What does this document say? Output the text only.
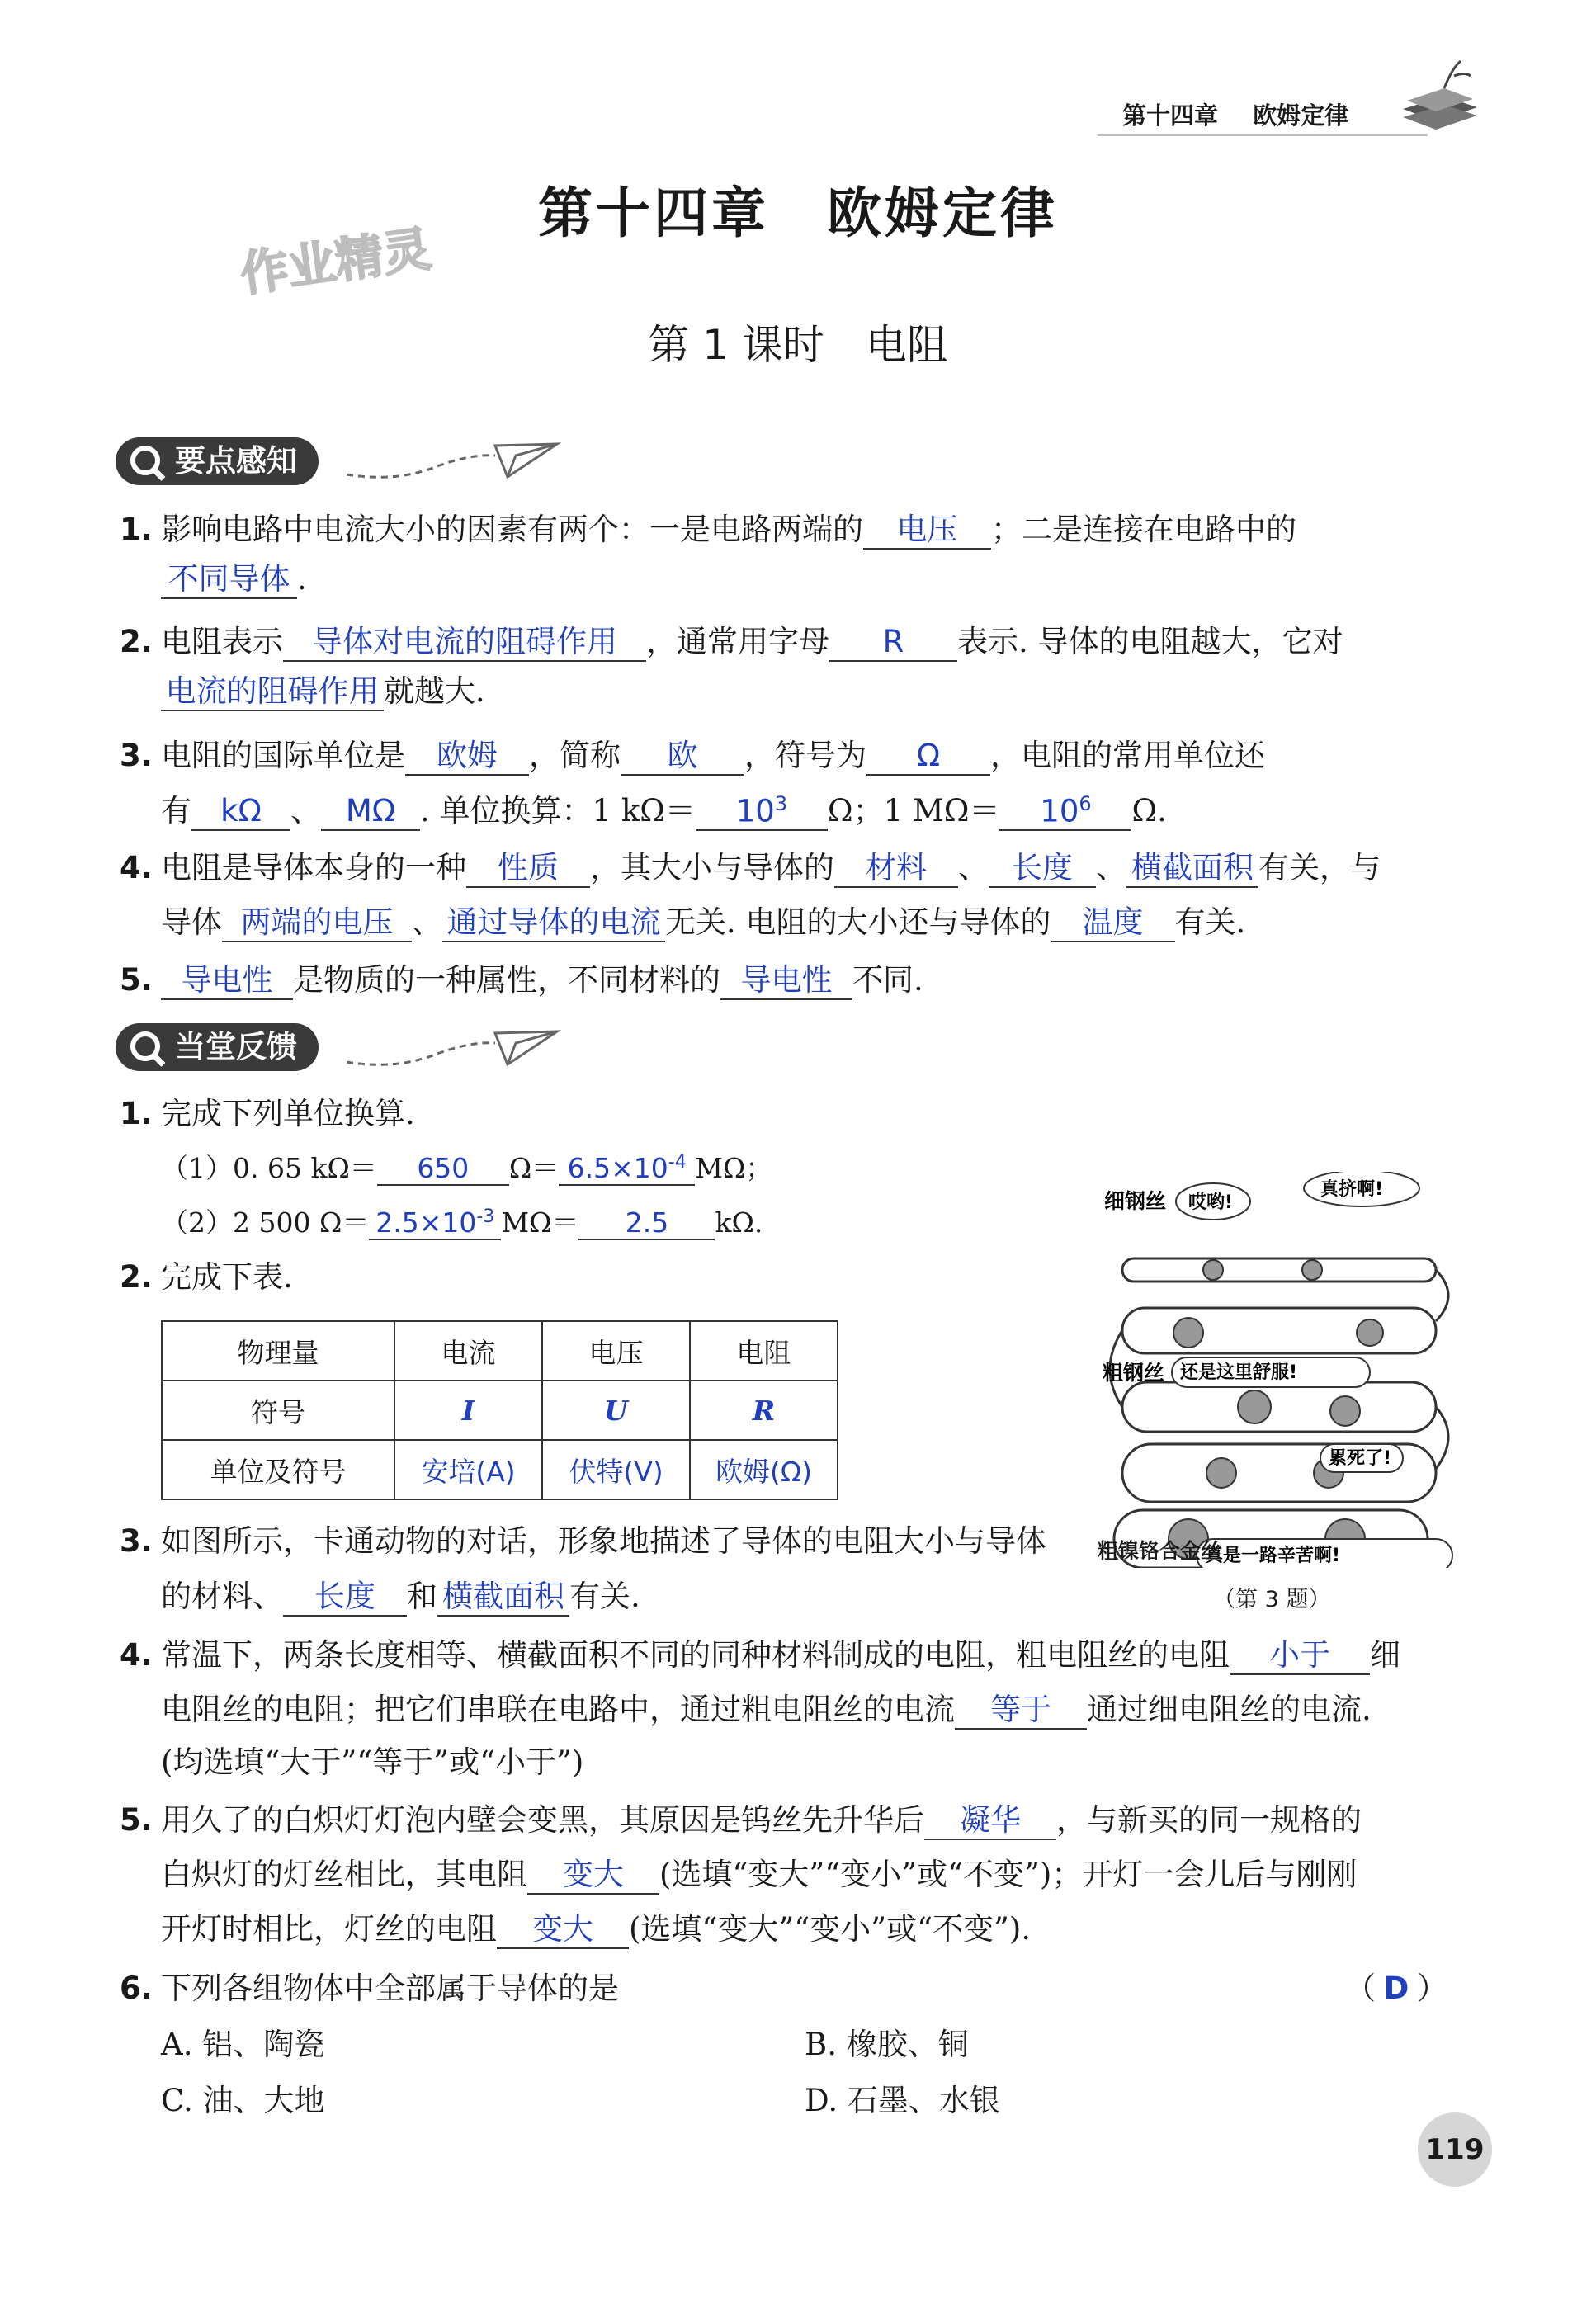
第十四章 欧姆定律
作业精灵
第十四章　欧姆定律
第 1 课时　电阻
要点感知
1. 影响电路中电流大小的因素有两个：一是电路两端的 电压 ；二是连接在电路中的
不同导体 .
2. 电阻表示 导体对电流的阻碍作用 ，通常用字母 R 表示. 导体的电阻越大，它对
电流的阻碍作用 就越大.
3. 电阻的国际单位是 欧姆 ，简称 欧 ，符号为 Ω ，电阻的常用单位还
有 kΩ 、 MΩ . 单位换算：1 $k\Omega= 10^3$ Ω；1 $M\Omega= 10^6$ Ω.
4. 电阻是导体本身的一种 性质 ，其大小与导体的 材料 、 长度 、 横截面积 有关，与
导体 两端的电压 、 通过导体的电流 无关. 电阻的大小还与导体的 温度 有关.
5. 导电性 是物质的一种属性，不同材料的 导电性 不同.
当堂反馈
1. 完成下列单位换算.
（1）0. 65 kΩ＝ 650 $\Omega= 6.5\times 10^{-4}$ MΩ；
（2）2 500 $\Omega= 2.5\times 10^{-3}$ MΩ＝ 2.5 kΩ.
2. 完成下表.
物理量	电流	电压	电阻
符号	I	U	R
单位及符号	安培(A)	伏特(V)	欧姆(Ω)
细钢丝 哎哟!
真挤啊!
粗钢丝 还是这里舒服!
累死了!
真是一路辛苦啊!
粗镍铬合金丝
（第 3 题）
3. 如图所示，卡通动物的对话，形象地描述了导体的电阻大小与导体
的材料、 长度 和 横截面积 有关.
4. 常温下，两条长度相等、横截面积不同的同种材料制成的电阻，粗电阻丝的电阻 小于 细
电阻丝的电阻；把它们串联在电路中，通过粗电阻丝的电流 等于 通过细电阻丝的电流.
(均选填“大于”“等于”或“小于”)
5. 用久了的白炽灯灯泡内壁会变黑，其原因是钨丝先升华后 凝华 ，与新买的同一规格的
白炽灯的灯丝相比，其电阻 变大 (选填“变大”“变小”或“不变”)；开灯一会儿后与刚刚
开灯时相比，灯丝的电阻 变大 (选填“变大”“变小”或“不变”).
6. 下列各组物体中全部属于导体的是	（ D ）
A. 铝、陶瓷	B. 橡胶、铜
C. 油、大地	D. 石墨、水银
119
